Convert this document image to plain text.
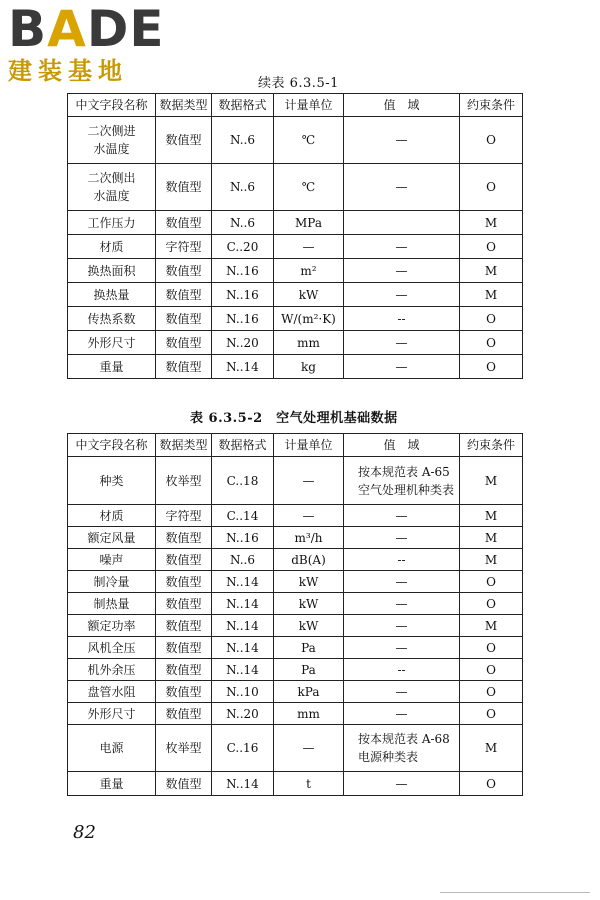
BADE
建装基地	续表 6.3.5-1
中文字段名称	数据类型	数据格式	计量单位	值　域	约束条件
二次侧进水温度	数值型	N..6	℃	—	O
二次侧出水温度	数值型	N..6	℃	—	O
工作压力	数值型	N..6	MPa		M
材质	字符型	C..20	—	—	O
换热面积	数值型	N..16	m²	—	M
换热量	数值型	N..16	kW	—	M
传热系数	数值型	N..16	W/(m²·K)	--	O
外形尺寸	数值型	N..20	mm	—	O
重量	数值型	N..14	kg	—	O
表 6.3.5-2　空气处理机基础数据
中文字段名称	数据类型	数据格式	计量单位	值　域	约束条件
种类	枚举型	C..18	—	按本规范表 A-65 空气处理机种类表	M
材质	字符型	C..14	—	—	M
额定风量	数值型	N..16	m³/h	—	M
噪声	数值型	N..6	dB(A)	--	M
制冷量	数值型	N..14	kW	—	O
制热量	数值型	N..14	kW	—	O
额定功率	数值型	N..14	kW	—	M
风机全压	数值型	N..14	Pa	—	O
机外余压	数值型	N..14	Pa	--	O
盘管水阻	数值型	N..10	kPa	—	O
外形尺寸	数值型	N..20	mm	—	O
电源	枚举型	C..16	—	按本规范表 A-68 电源种类表	M
重量	数值型	N..14	t	—	O
82
